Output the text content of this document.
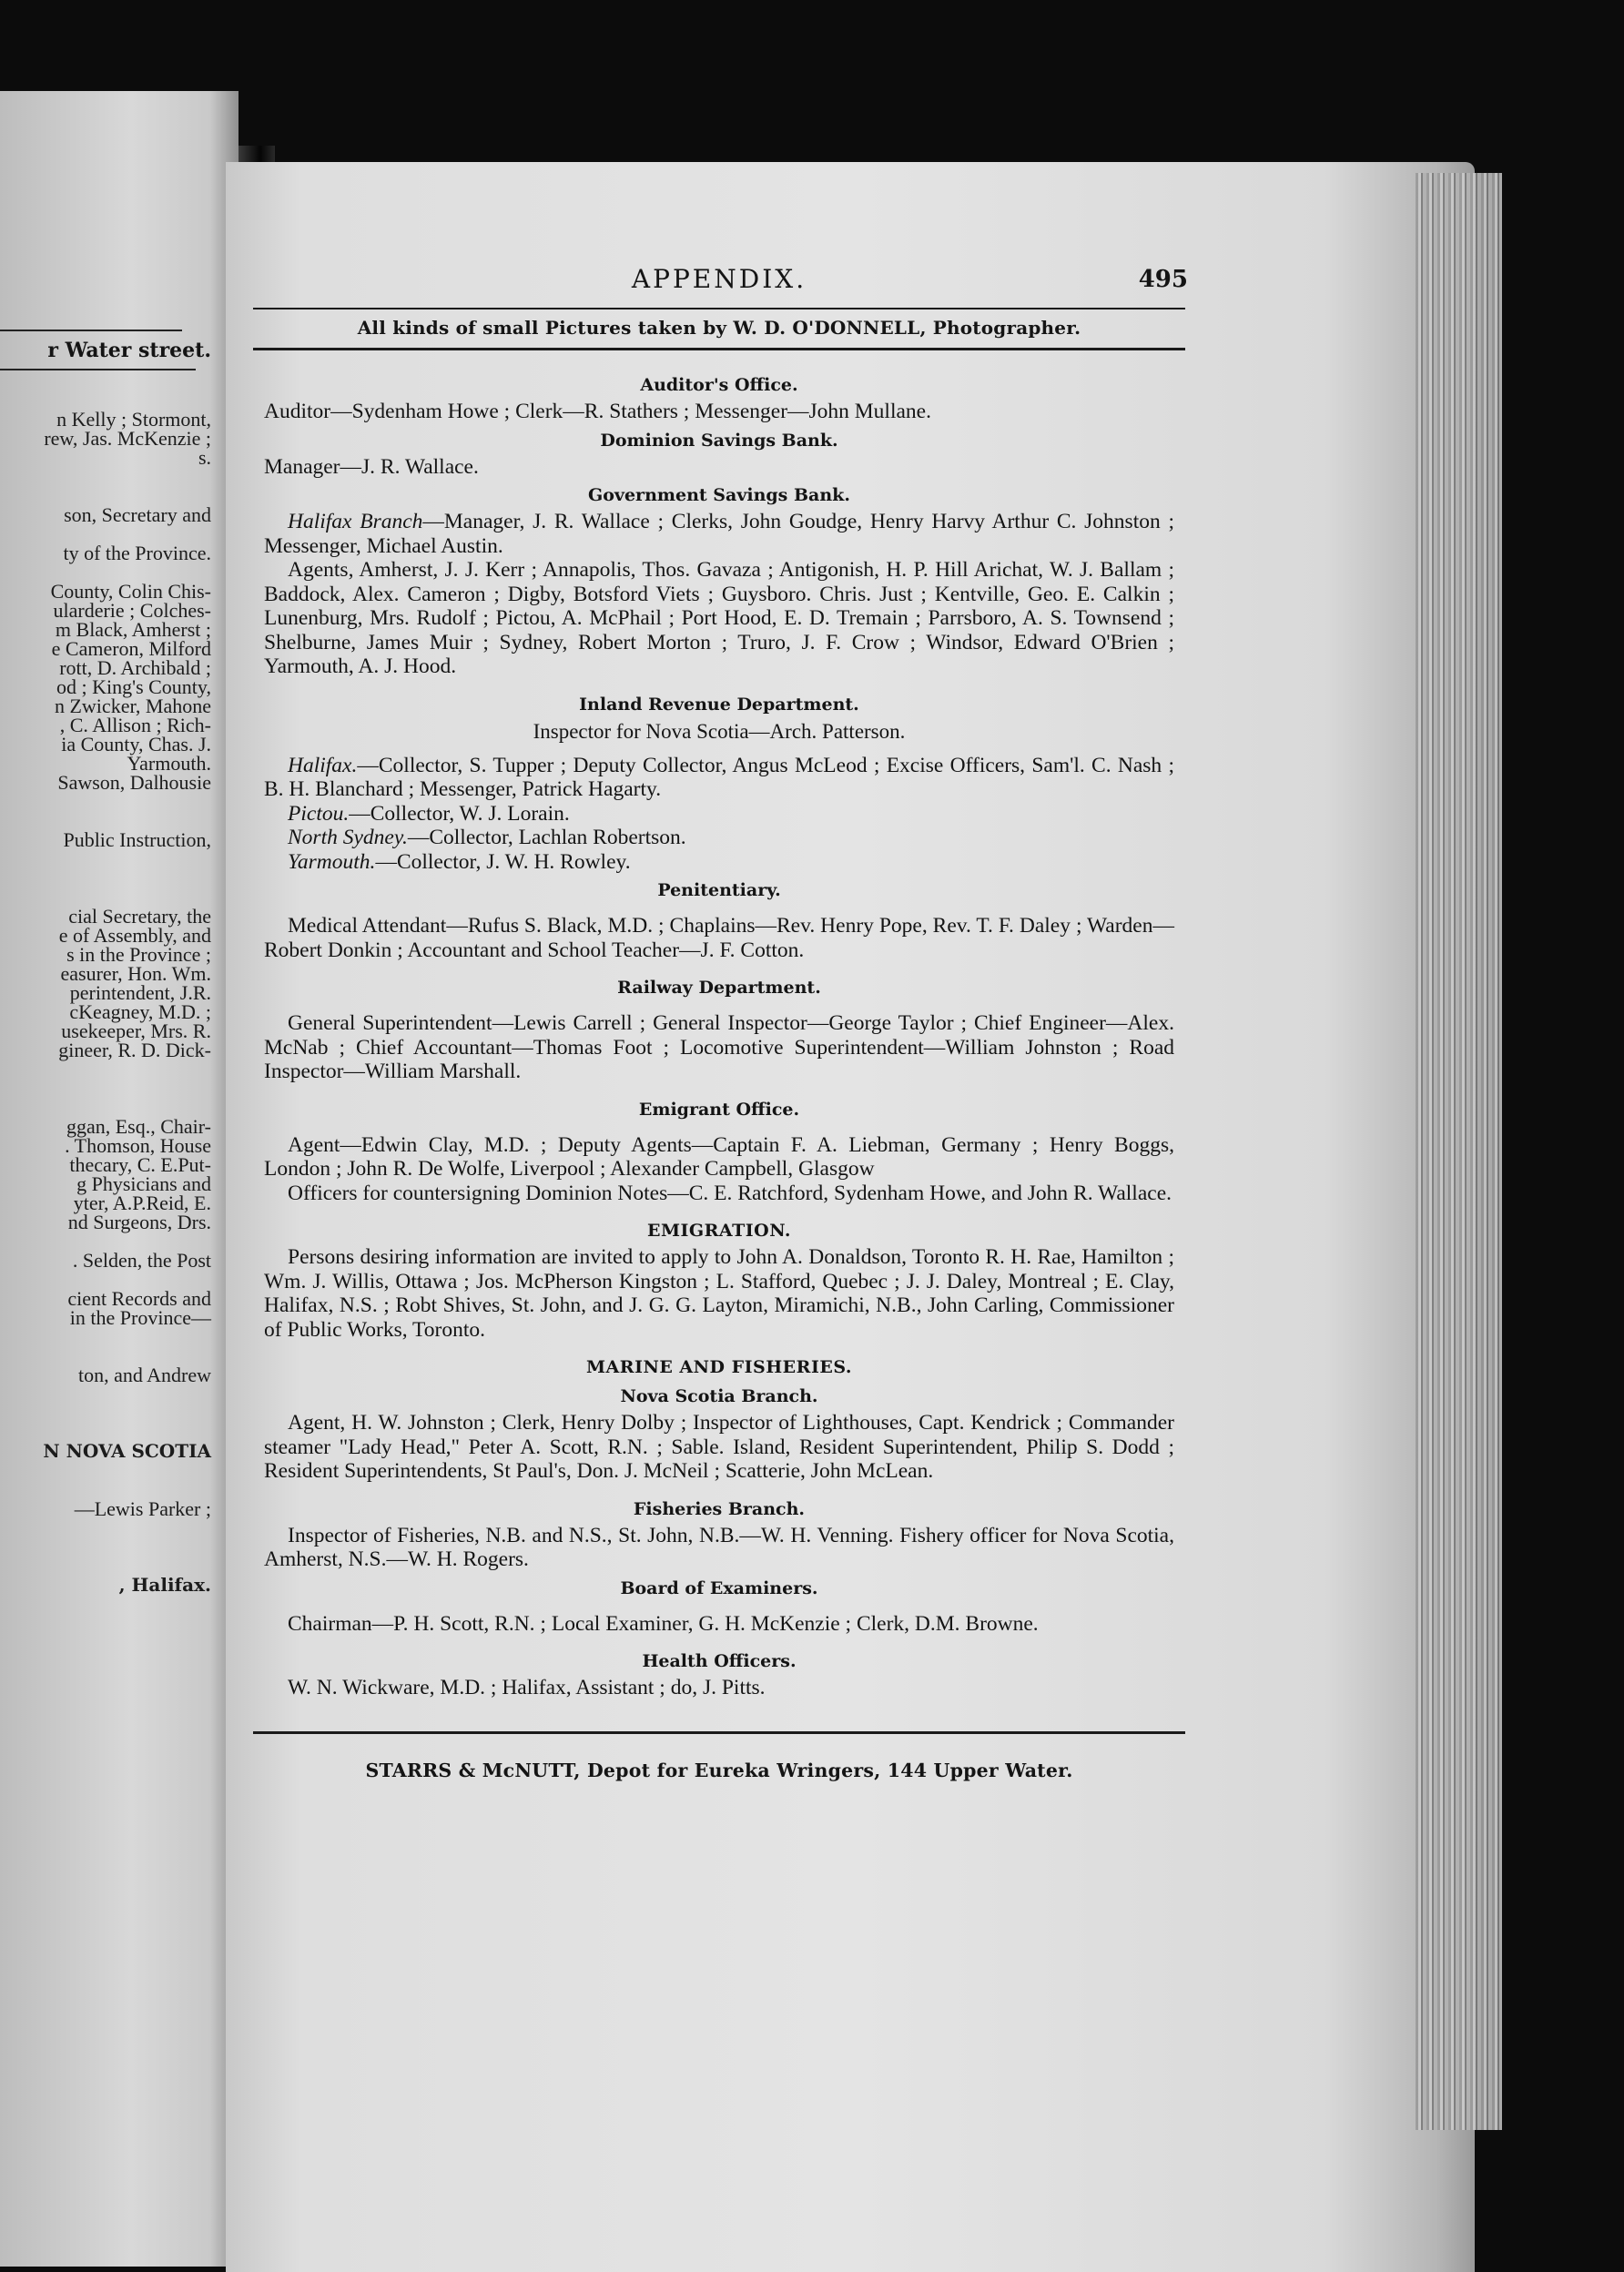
r Water street.
n Kelly ; Stormont,
rew, Jas. McKenzie ;
s.
son, Secretary and
ty of the Province.
County, Colin Chis-
ularderie ; Colches-
m Black, Amherst ;
e Cameron, Milford
rott, D. Archibald ;
od ; King's County,
n Zwicker, Mahone
, C. Allison ; Rich-
ia County, Chas. J.
Yarmouth.
Sawson, Dalhousie
Public Instruction,
cial Secretary, the
e of Assembly, and
s in the Province ;
easurer, Hon. Wm.
perintendent, J.R.
cKeagney, M.D. ;
usekeeper, Mrs. R.
gineer, R. D. Dick-
ggan, Esq., Chair-
. Thomson, House
thecary, C. E.Put-
g Physicians and
yter, A.P.Reid, E.
nd Surgeons, Drs.
. Selden, the Post
cient Records and
in the Province—
ton, and Andrew
N NOVA SCOTIA
—Lewis Parker ;
, Halifax.
APPENDIX.	495
All kinds of small Pictures taken by W. D. O'DONNELL, Photographer.
Auditor's Office.

Auditor—Sydenham Howe ; Clerk—R. Stathers ; Messenger—John Mullane.

Dominion Savings Bank.

Manager—J. R. Wallace.

Government Savings Bank.

Halifax Branch—Manager, J. R. Wallace ; Clerks, John Goudge, Henry Harvy Arthur C. Johnston ; Messenger, Michael Austin.

Agents, Amherst, J. J. Kerr ; Annapolis, Thos. Gavaza ; Antigonish, H. P. Hill Arichat, W. J. Ballam ; Baddock, Alex. Cameron ; Digby, Botsford Viets ; Guysboro. Chris. Just ; Kentville, Geo. E. Calkin ; Lunenburg, Mrs. Rudolf ; Pictou, A. McPhail ; Port Hood, E. D. Tremain ; Parrsboro, A. S. Townsend ; Shelburne, James Muir ; Sydney, Robert Morton ; Truro, J. F. Crow ; Windsor, Edward O'Brien ; Yarmouth, A. J. Hood.

Inland Revenue Department.
Inspector for Nova Scotia—Arch. Patterson.

Halifax.—Collector, S. Tupper ; Deputy Collector, Angus McLeod ; Excise Officers, Sam'l. C. Nash ; B. H. Blanchard ; Messenger, Patrick Hagarty.

Pictou.—Collector, W. J. Lorain.

North Sydney.—Collector, Lachlan Robertson.

Yarmouth.—Collector, J. W. H. Rowley.

Penitentiary.

Medical Attendant—Rufus S. Black, M.D. ; Chaplains—Rev. Henry Pope, Rev. T. F. Daley ; Warden—Robert Donkin ; Accountant and School Teacher—J. F. Cotton.

Railway Department.

General Superintendent—Lewis Carrell ; General Inspector—George Taylor ; Chief Engineer—Alex. McNab ; Chief Accountant—Thomas Foot ; Locomotive Superintendent—William Johnston ; Road Inspector—William Marshall.

Emigrant Office.

Agent—Edwin Clay, M.D. ; Deputy Agents—Captain F. A. Liebman, Germany ; Henry Boggs, London ; John R. De Wolfe, Liverpool ; Alexander Campbell, Glasgow

Officers for countersigning Dominion Notes—C. E. Ratchford, Sydenham Howe, and John R. Wallace.

EMIGRATION.

Persons desiring information are invited to apply to John A. Donaldson, Toronto R. H. Rae, Hamilton ; Wm. J. Willis, Ottawa ; Jos. McPherson Kingston ; L. Stafford, Quebec ; J. J. Daley, Montreal ; E. Clay, Halifax, N.S. ; Robt Shives, St. John, and J. G. G. Layton, Miramichi, N.B., John Carling, Commissioner of Public Works, Toronto.

MARINE AND FISHERIES.
Nova Scotia Branch.

Agent, H. W. Johnston ; Clerk, Henry Dolby ; Inspector of Lighthouses, Capt. Kendrick ; Commander steamer "Lady Head," Peter A. Scott, R.N. ; Sable. Island, Resident Superintendent, Philip S. Dodd ; Resident Superintendents, St Paul's, Don. J. McNeil ; Scatterie, John McLean.

Fisheries Branch.

Inspector of Fisheries, N.B. and N.S., St. John, N.B.—W. H. Venning. Fishery officer for Nova Scotia, Amherst, N.S.—W. H. Rogers.

Board of Examiners.

Chairman—P. H. Scott, R.N. ; Local Examiner, G. H. McKenzie ; Clerk, D.M. Browne.

Health Officers.

W. N. Wickware, M.D. ; Halifax, Assistant ; do, J. Pitts.

STARRS & McNUTT, Depot for Eureka Wringers, 144 Upper Water.
